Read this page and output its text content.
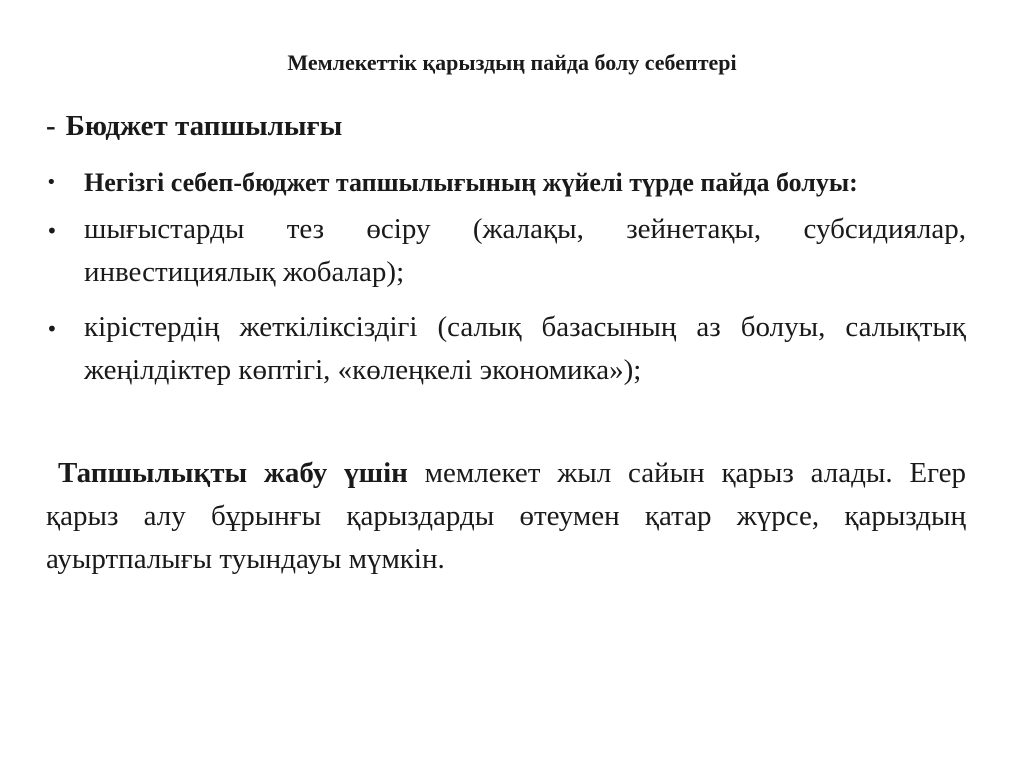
Мемлекеттік қарыздың пайда болу себептері
- Бюджет тапшылығы
•	Негізгі себеп-бюджет тапшылығының жүйелі түрде пайда болуы:
• шығыстарды тез өсіру (жалақы, зейнетақы, субсидиялар, инвестициялық жобалар);
• кірістердің жеткіліксіздігі (салық базасының аз болуы, салықтық жеңілдіктер көптігі, «көлеңкелі экономика»);

Тапшылықты жабу үшін мемлекет жыл сайын қарыз алады. Егер қарыз алу бұрынғы қарыздарды өтеумен қатар жүрсе, қарыздың ауыртпалығы туындауы мүмкін.
